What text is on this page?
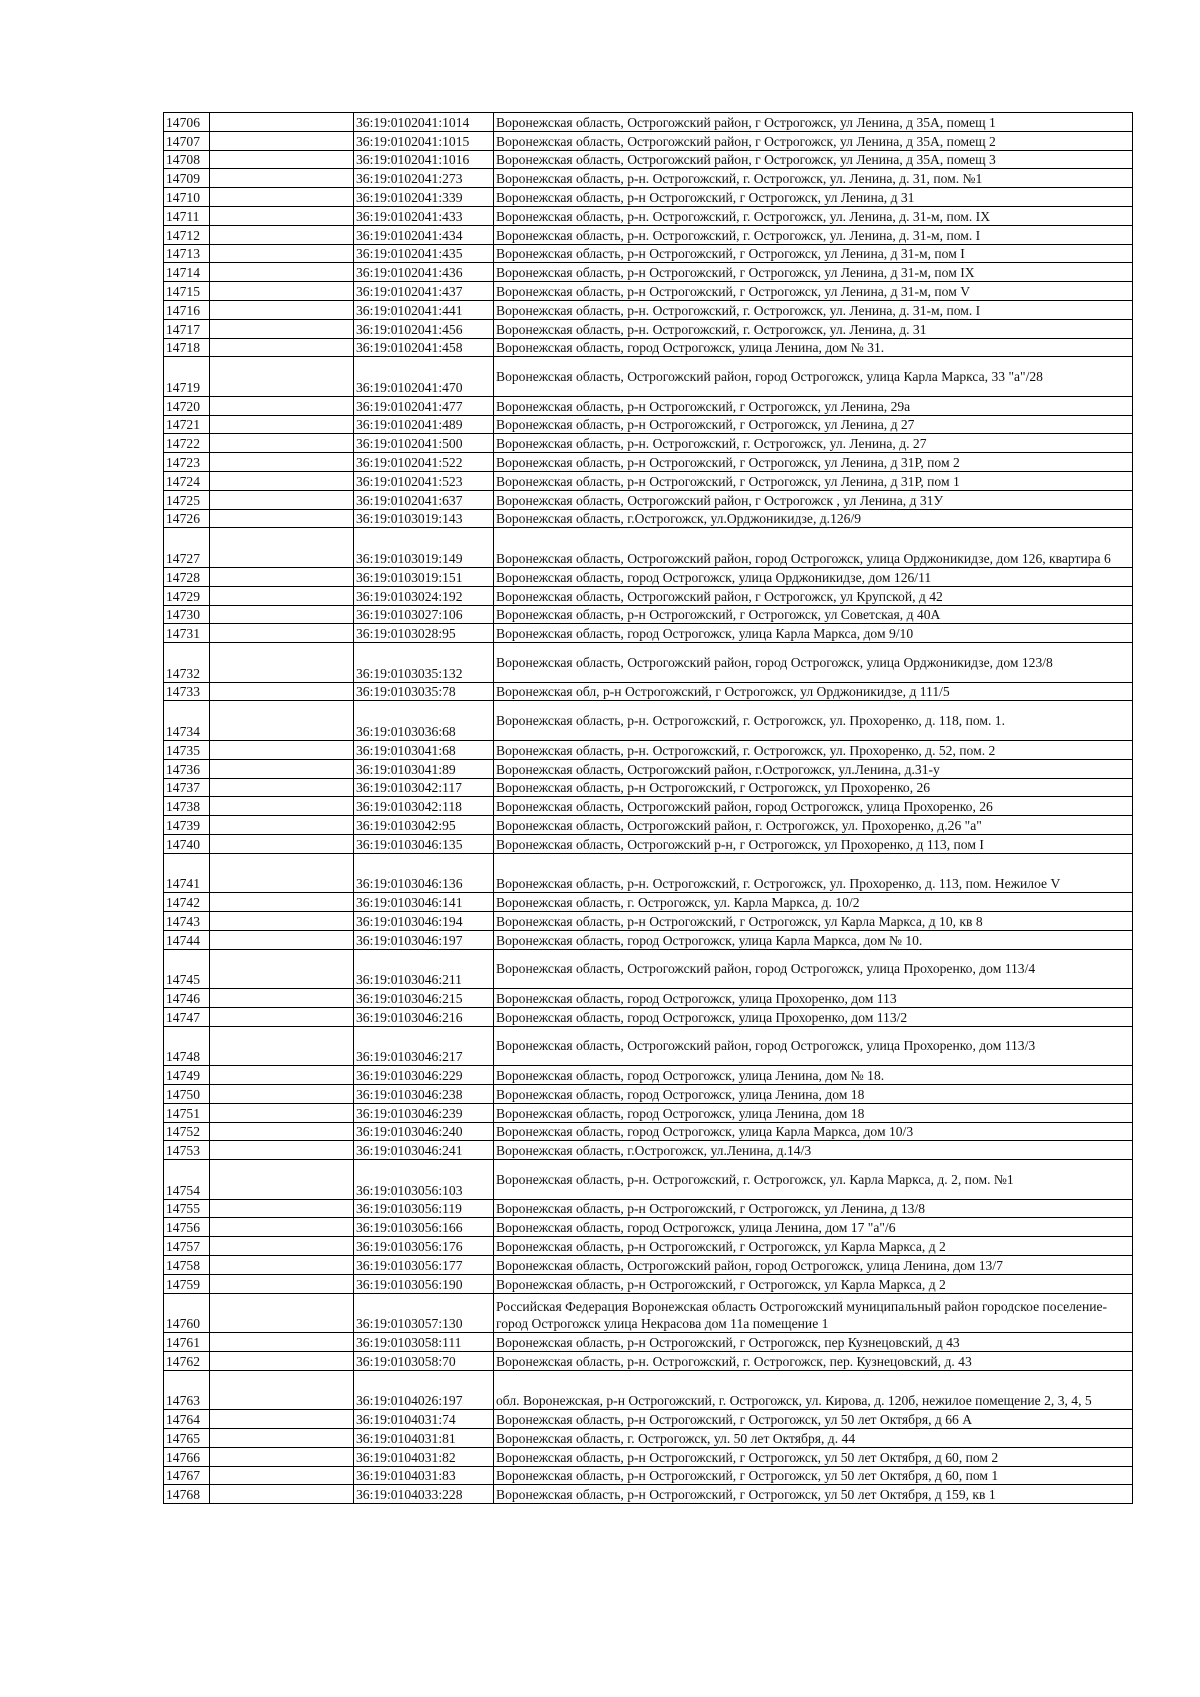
14706		36:19:0102041:1014	Воронежская область, Острогожский район, г Острогожск, ул Ленина, д 35А, помещ 1
14707		36:19:0102041:1015	Воронежская область, Острогожский район, г Острогожск, ул Ленина, д 35А, помещ 2
14708		36:19:0102041:1016	Воронежская область, Острогожский район, г Острогожск, ул Ленина, д 35А, помещ 3
14709		36:19:0102041:273	Воронежская область, р-н. Острогожский, г. Острогожск, ул. Ленина, д. 31, пом. №1
14710		36:19:0102041:339	Воронежская область, р-н Острогожский, г Острогожск, ул Ленина, д 31
14711		36:19:0102041:433	Воронежская область, р-н. Острогожский, г. Острогожск, ул. Ленина, д. 31-м, пом. IX
14712		36:19:0102041:434	Воронежская область, р-н. Острогожский, г. Острогожск, ул. Ленина, д. 31-м, пом. I
14713		36:19:0102041:435	Воронежская область, р-н Острогожский, г Острогожск, ул Ленина, д 31-м, пом I
14714		36:19:0102041:436	Воронежская область, р-н Острогожский, г Острогожск, ул Ленина, д 31-м, пом IX
14715		36:19:0102041:437	Воронежская область, р-н Острогожский, г Острогожск, ул Ленина, д 31-м, пом V
14716		36:19:0102041:441	Воронежская область, р-н. Острогожский, г. Острогожск, ул. Ленина, д. 31-м, пом. I
14717		36:19:0102041:456	Воронежская область, р-н. Острогожский, г. Острогожск, ул. Ленина, д. 31
14718		36:19:0102041:458	Воронежская область, город Острогожск, улица Ленина, дом № 31.
14719		36:19:0102041:470	Воронежская область, Острогожский район, город Острогожск, улица Карла Маркса, 33 "а"/28
14720		36:19:0102041:477	Воронежская область, р-н Острогожский, г Острогожск, ул Ленина, 29а
14721		36:19:0102041:489	Воронежская область, р-н Острогожский, г Острогожск, ул Ленина, д 27
14722		36:19:0102041:500	Воронежская область, р-н. Острогожский, г. Острогожск, ул. Ленина, д. 27
14723		36:19:0102041:522	Воронежская область, р-н Острогожский, г Острогожск, ул Ленина, д 31Р, пом 2
14724		36:19:0102041:523	Воронежская область, р-н Острогожский, г Острогожск, ул Ленина, д 31Р, пом 1
14725		36:19:0102041:637	Воронежская область, Острогожский район, г Острогожск , ул Ленина, д 31У
14726		36:19:0103019:143	Воронежская область, г.Острогожск, ул.Орджоникидзе, д.126/9
14727		36:19:0103019:149	Воронежская область, Острогожский район, город Острогожск, улица Орджоникидзе, дом 126, квартира 6
14728		36:19:0103019:151	Воронежская область, город Острогожск, улица Орджоникидзе, дом 126/11
14729		36:19:0103024:192	Воронежская область, Острогожский район, г Острогожск, ул Крупской, д 42
14730		36:19:0103027:106	Воронежская область, р-н Острогожский, г Острогожск, ул Советская, д 40А
14731		36:19:0103028:95	Воронежская область, город Острогожск, улица Карла Маркса, дом 9/10
14732		36:19:0103035:132	Воронежская область, Острогожский район, город Острогожск, улица Орджоникидзе, дом 123/8
14733		36:19:0103035:78	Воронежская обл, р-н Острогожский, г Острогожск, ул Орджоникидзе, д 111/5
14734		36:19:0103036:68	Воронежская область, р-н. Острогожский, г. Острогожск, ул. Прохоренко, д. 118, пом. 1.
14735		36:19:0103041:68	Воронежская область, р-н. Острогожский, г. Острогожск, ул. Прохоренко, д. 52, пом. 2
14736		36:19:0103041:89	Воронежская область, Острогожский район, г.Острогожск, ул.Ленина, д.31-у
14737		36:19:0103042:117	Воронежская область, р-н Острогожский, г Острогожск, ул Прохоренко, 26
14738		36:19:0103042:118	Воронежская область, Острогожский район, город Острогожск, улица Прохоренко, 26
14739		36:19:0103042:95	Воронежская область, Острогожский район, г. Острогожск, ул. Прохоренко, д.26 "а"
14740		36:19:0103046:135	Воронежская область, Острогожский р-н, г Острогожск, ул Прохоренко, д 113, пом I
14741		36:19:0103046:136	Воронежская область, р-н. Острогожский, г. Острогожск, ул. Прохоренко, д. 113, пом. Нежилое V
14742		36:19:0103046:141	Воронежская область, г. Острогожск, ул. Карла Маркса, д. 10/2
14743		36:19:0103046:194	Воронежская область, р-н Острогожский, г Острогожск, ул Карла Маркса, д 10, кв 8
14744		36:19:0103046:197	Воронежская область, город Острогожск, улица Карла Маркса, дом № 10.
14745		36:19:0103046:211	Воронежская область, Острогожский район, город Острогожск, улица Прохоренко, дом 113/4
14746		36:19:0103046:215	Воронежская область, город Острогожск, улица Прохоренко, дом 113
14747		36:19:0103046:216	Воронежская область, город Острогожск, улица Прохоренко, дом 113/2
14748		36:19:0103046:217	Воронежская область, Острогожский район, город Острогожск, улица Прохоренко, дом 113/3
14749		36:19:0103046:229	Воронежская область, город Острогожск, улица Ленина, дом № 18.
14750		36:19:0103046:238	Воронежская область, город Острогожск, улица Ленина, дом 18
14751		36:19:0103046:239	Воронежская область, город Острогожск, улица Ленина, дом 18
14752		36:19:0103046:240	Воронежская область, город Острогожск, улица Карла Маркса, дом 10/3
14753		36:19:0103046:241	Воронежская область, г.Острогожск, ул.Ленина, д.14/3
14754		36:19:0103056:103	Воронежская область, р-н. Острогожский, г. Острогожск, ул. Карла Маркса, д. 2, пом. №1
14755		36:19:0103056:119	Воронежская область, р-н Острогожский, г Острогожск, ул Ленина, д 13/8
14756		36:19:0103056:166	Воронежская область, город Острогожск, улица Ленина, дом 17 "а"/6
14757		36:19:0103056:176	Воронежская область, р-н Острогожский, г Острогожск, ул Карла Маркса, д 2
14758		36:19:0103056:177	Воронежская область, Острогожский район, город Острогожск, улица Ленина, дом 13/7
14759		36:19:0103056:190	Воронежская область, р-н Острогожский, г Острогожск, ул Карла Маркса, д 2
14760		36:19:0103057:130	Российская Федерация Воронежская область Острогожский муниципальный район городское поселение-город Острогожск улица Некрасова дом 11а помещение 1
14761		36:19:0103058:111	Воронежская область, р-н Острогожский, г Острогожск, пер Кузнецовский, д 43
14762		36:19:0103058:70	Воронежская область, р-н. Острогожский, г. Острогожск, пер. Кузнецовский, д. 43
14763		36:19:0104026:197	обл. Воронежская, р-н Острогожский, г. Острогожск, ул. Кирова, д. 120б, нежилое помещение 2, 3, 4, 5
14764		36:19:0104031:74	Воронежская область, р-н Острогожский, г Острогожск, ул 50 лет Октября, д 66 А
14765		36:19:0104031:81	Воронежская область, г. Острогожск, ул. 50 лет Октября, д. 44
14766		36:19:0104031:82	Воронежская область, р-н Острогожский, г Острогожск, ул 50 лет Октября, д 60, пом 2
14767		36:19:0104031:83	Воронежская область, р-н Острогожский, г Острогожск, ул 50 лет Октября, д 60, пом 1
14768		36:19:0104033:228	Воронежская область, р-н Острогожский, г Острогожск, ул 50 лет Октября, д 159, кв 1
